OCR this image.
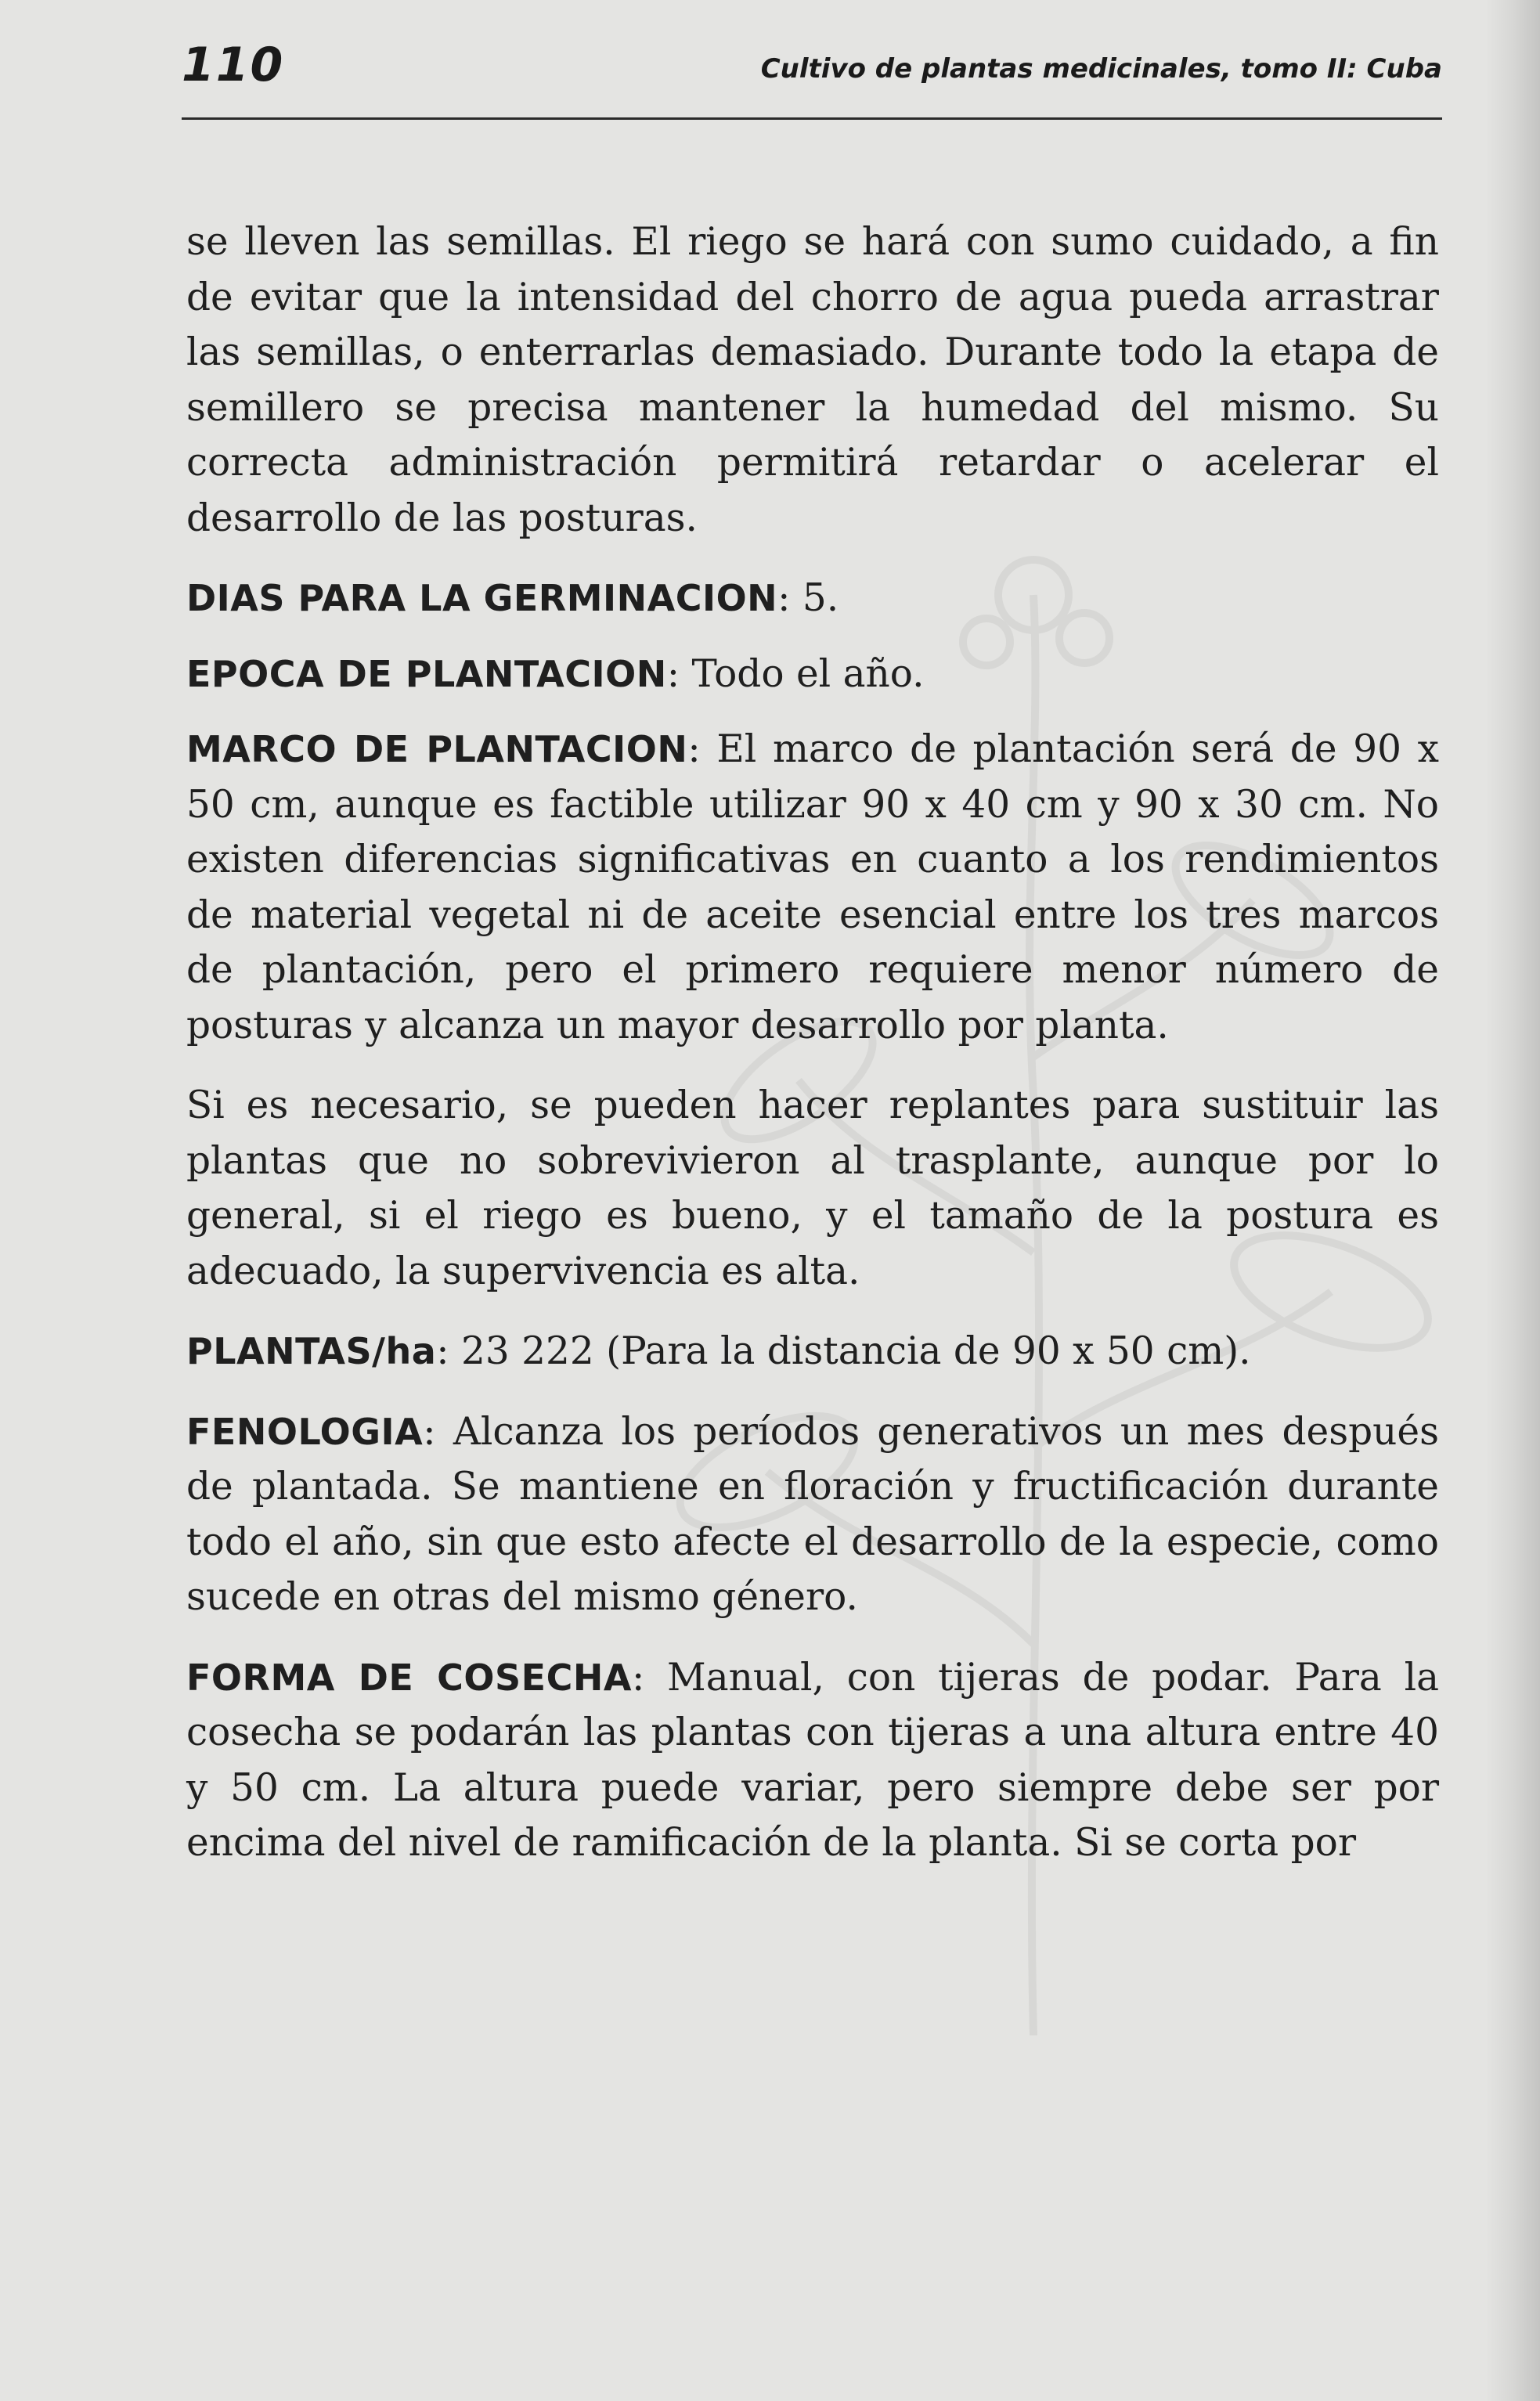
110	Cultivo de plantas medicinales, tomo II: Cuba

se lleven las semillas. El riego se hará con sumo cuidado, a fin de evitar que la intensidad del chorro de agua pueda arrastrar las semillas, o enterrarlas demasiado. Durante todo la etapa de semillero se precisa mantener la humedad del mismo. Su correcta administración permitirá retardar o acelerar el desarrollo de las posturas.

DIAS PARA LA GERMINACION: 5.

EPOCA DE PLANTACION: Todo el año.

MARCO DE PLANTACION: El marco de plantación será de 90 x 50 cm, aunque es factible utilizar 90 x 40 cm y 90 x 30 cm. No existen diferencias significativas en cuanto a los rendimientos de material vegetal ni de aceite esencial entre los tres marcos de plantación, pero el primero requiere menor número de posturas y alcanza un mayor desarrollo por planta.

Si es necesario, se pueden hacer replantes para sustituir las plantas que no sobrevivieron al trasplante, aunque por lo general, si el riego es bueno, y el tamaño de la postura es adecuado, la supervivencia es alta.

PLANTAS/ha: 23 222 (Para la distancia de 90 x 50 cm).

FENOLOGIA: Alcanza los períodos generativos un mes después de plantada. Se mantiene en floración y fructificación durante todo el año, sin que esto afecte el desarrollo de la especie, como sucede en otras del mismo género.

FORMA DE COSECHA: Manual, con tijeras de podar. Para la cosecha se podarán las plantas con tijeras a una altura entre 40 y 50 cm. La altura puede variar, pero siempre debe ser por encima del nivel de ramificación de la planta. Si se corta por
